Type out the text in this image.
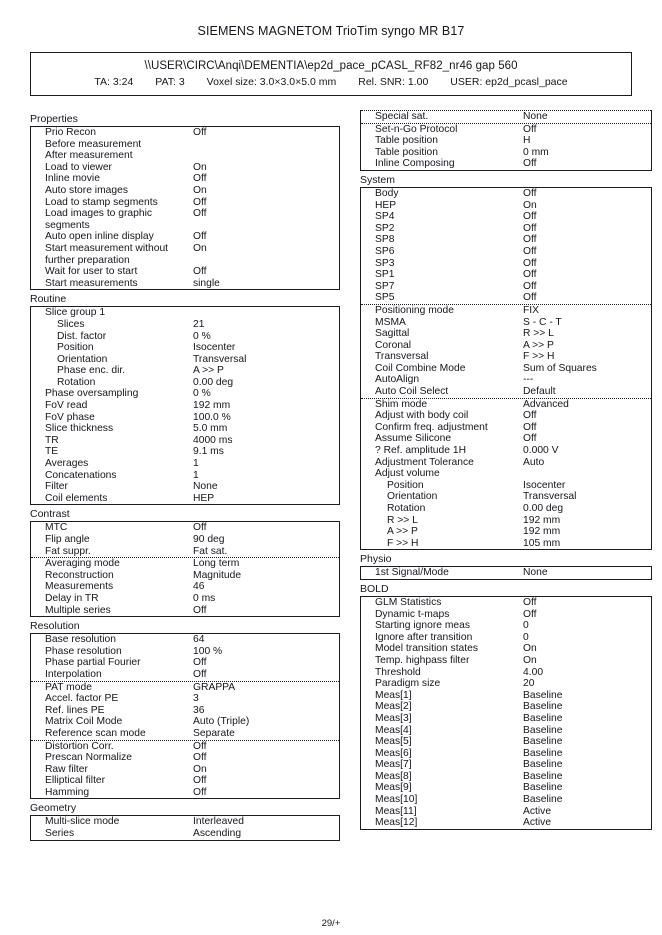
SIEMENS MAGNETOM TrioTim syngo MR B17
\\USER\CIRC\Anqi\DEMENTIA\ep2d_pace_pCASL_RF82_nr46 gap 560
TA: 3:24 PAT: 3 Voxel size: 3.0×3.0×5.0 mm Rel. SNR: 1.00 USER: ep2d_pcasl_pace
Properties
Prio Recon	Off
Before measurement
After measurement
Load to viewer	On
Inline movie	Off
Auto store images	On
Load to stamp segments	Off
Load images to graphic	Off
segments
Auto open inline display	Off
Start measurement without	On
further preparation
Wait for user to start	Off
Start measurements	single
Routine
Slice group 1
Slices	21
Dist. factor	0 %
Position	Isocenter
Orientation	Transversal
Phase enc. dir.	A >> P
Rotation	0.00 deg
Phase oversampling	0 %
FoV read	192 mm
FoV phase	100.0 %
Slice thickness	5.0 mm
TR	4000 ms
TE	9.1 ms
Averages	1
Concatenations	1
Filter	None
Coil elements	HEP
Contrast
MTC	Off
Flip angle	90 deg
Fat suppr.	Fat sat.
Averaging mode	Long term
Reconstruction	Magnitude
Measurements	46
Delay in TR	0 ms
Multiple series	Off
Resolution
Base resolution	64
Phase resolution	100 %
Phase partial Fourier	Off
Interpolation	Off
PAT mode	GRAPPA
Accel. factor PE	3
Ref. lines PE	36
Matrix Coil Mode	Auto (Triple)
Reference scan mode	Separate
Distortion Corr.	Off
Prescan Normalize	Off
Raw filter	On
Elliptical filter	Off
Hamming	Off
Geometry
Multi-slice mode	Interleaved
Series	Ascending
Special sat.	None
Set-n-Go Protocol	Off
Table position	H
Table position	0 mm
Inline Composing	Off
System
Body	Off
HEP	On
SP4	Off
SP2	Off
SP8	Off
SP6	Off
SP3	Off
SP1	Off
SP7	Off
SP5	Off
Positioning mode	FIX
MSMA	S - C - T
Sagittal	R >> L
Coronal	A >> P
Transversal	F >> H
Coil Combine Mode	Sum of Squares
AutoAlign	---
Auto Coil Select	Default
Shim mode	Advanced
Adjust with body coil	Off
Confirm freq. adjustment	Off
Assume Silicone	Off
? Ref. amplitude 1H	0.000 V
Adjustment Tolerance	Auto
Adjust volume
Position	Isocenter
Orientation	Transversal
Rotation	0.00 deg
R >> L	192 mm
A >> P	192 mm
F >> H	105 mm
Physio
1st Signal/Mode	None
BOLD
GLM Statistics	Off
Dynamic t-maps	Off
Starting ignore meas	0
Ignore after transition	0
Model transition states	On
Temp. highpass filter	On
Threshold	4.00
Paradigm size	20
Meas[1]	Baseline
Meas[2]	Baseline
Meas[3]	Baseline
Meas[4]	Baseline
Meas[5]	Baseline
Meas[6]	Baseline
Meas[7]	Baseline
Meas[8]	Baseline
Meas[9]	Baseline
Meas[10]	Baseline
Meas[11]	Active
Meas[12]	Active
29/+
